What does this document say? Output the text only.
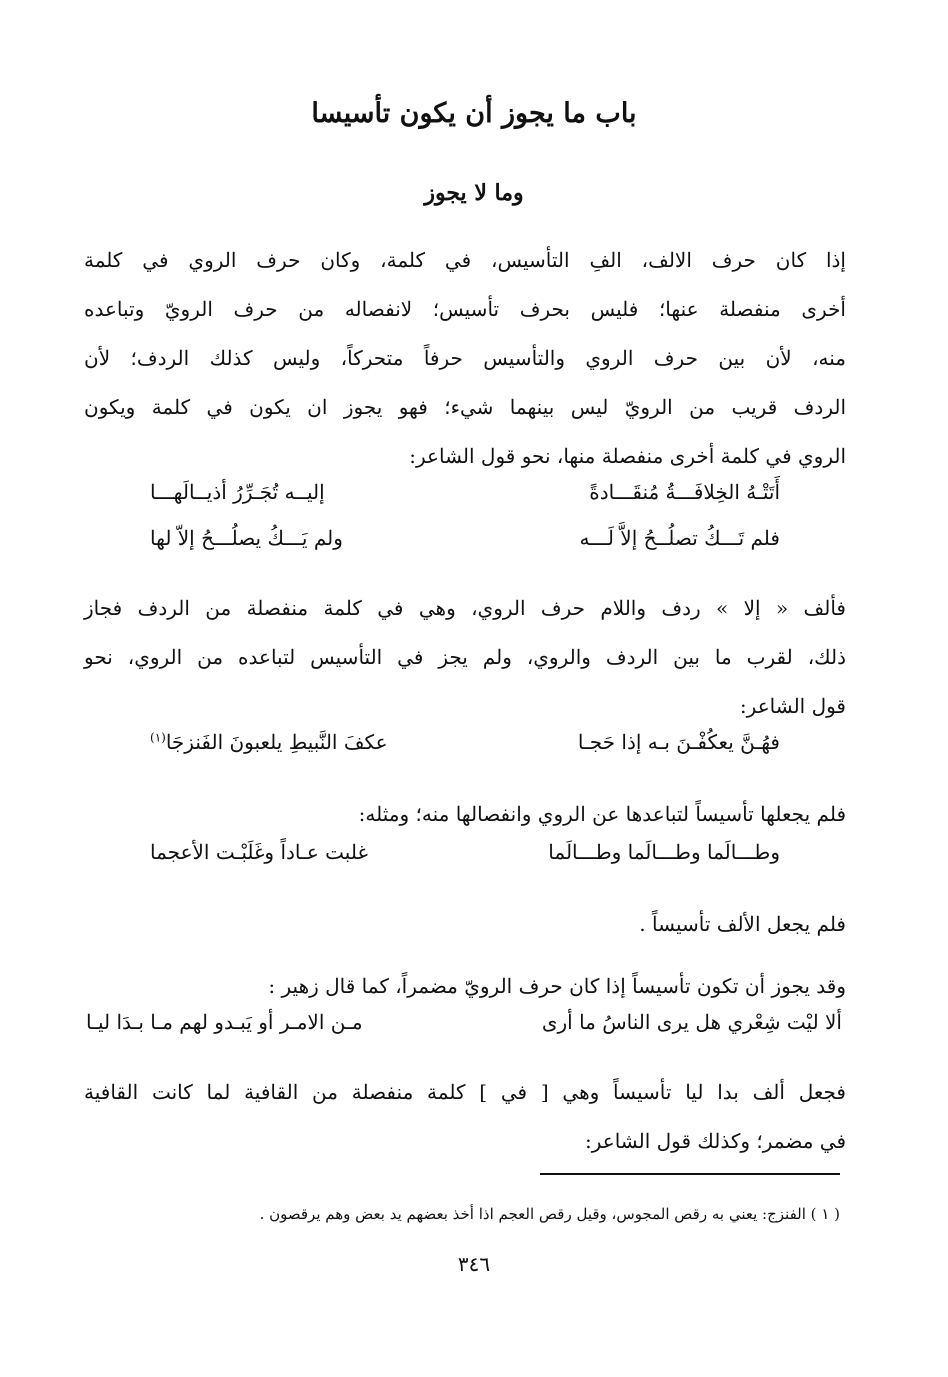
باب ما يجوز أن يكون تأسيسا
وما لا يجوز
إذا كان حرف الالف، الفِ التأسيس، في كلمة، وكان حرف الروي في كلمة
أخرى منفصلة عنها؛ فليس بحرف تأسيس؛ لانفصاله من حرف الرويّ وتباعده
منه، لأن بين حرف الروي والتأسيس حرفاً متحركاً، وليس كذلك الردف؛ لأن
الردف قريب من الرويّ ليس بينهما شيء؛ فهو يجوز ان يكون في كلمة ويكون
الروي في كلمة أخرى منفصلة منها، نحو قول الشاعر:
أَتَتْـهُ الخِلافَـــةُ مُنقَـــادةً
إليــه تُجَـرِّرُ أذيــالَهـــا
فلم تَـــكُ تصلُــحُ إلاَّ لَـــه
ولم يَـــكُ يصلُـــحُ إلاّ لها
فألف « إلا » ردف واللام حرف الروي، وهي في كلمة منفصلة من الردف فجاز
ذلك، لقرب ما بين الردف والروي، ولم يجز في التأسيس لتباعده من الروي، نحو
قول الشاعر:
فهُـنَّ يعكُفْـنَ بـه إذا حَجـا
عكفَ النَّبيطِ يلعبونَ الفَنزجَا$^{(١)}$
فلم يجعلها تأسيساً لتباعدها عن الروي وانفصالها منه؛ ومثله:
وطـــالَما وطـــالَما وطـــالَما
غلبت عـاداً وغَلَبْـت الأعجما
فلم يجعل الألف تأسيساً .
وقد يجوز أن تكون تأسيساً إذا كان حرف الرويّ مضمراً، كما قال زهير :
ألا ليْت شِعْري هل يرى الناسُ ما أرى
مـن الامـر أو يَبـدو لهم مـا بـدَا ليـا
فجعل ألف بدا ليا تأسيساً وهي [ في ] كلمة منفصلة من القافية لما كانت القافية
في مضمر؛ وكذلك قول الشاعر:
( ١ ) الفنزج: يعني به رقص المجوس، وقيل رقص العجم اذا أخذ بعضهم يد بعض وهم يرقصون .
٣٤٦
